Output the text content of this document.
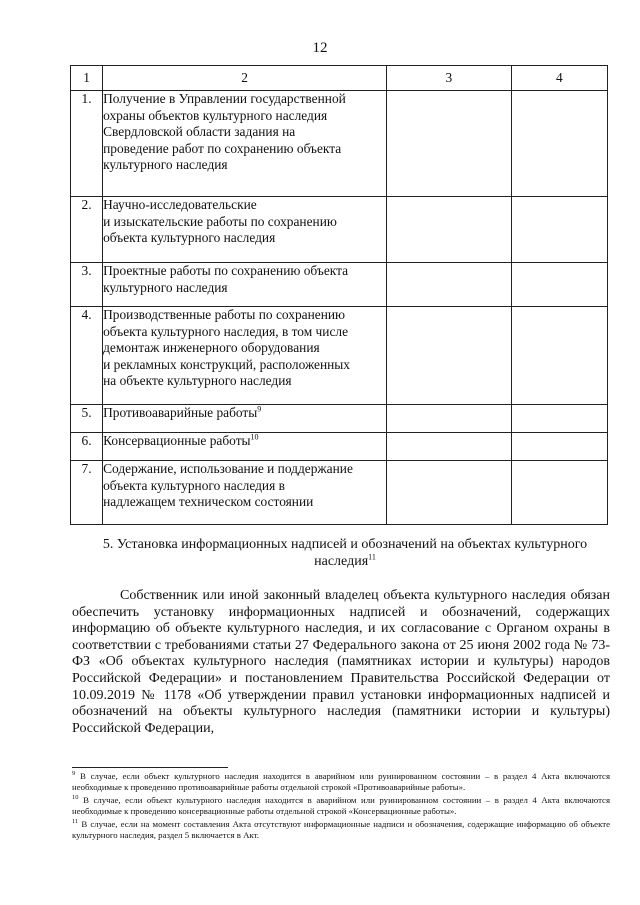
12
1	2	3	4
1.	Получение в Управлении государственной
охраны объектов культурного наследия
Свердловской области задания на
проведение работ по сохранению объекта
культурного наследия		

2.	Научно-исследовательские
и изыскательские работы по сохранению
объекта культурного наследия		

3.	Проектные работы по сохранению объекта
культурного наследия		

4.	Производственные работы по сохранению
объекта культурного наследия, в том числе
демонтаж инженерного оборудования
и рекламных конструкций, расположенных
на объекте культурного наследия		

5.	Противоаварийные работы$^9$		
6.	Консервационные работы$^{10}$		
7.	Содержание, использование и поддержание
объекта культурного наследия в
надлежащем техническом состоянии		

5. Установка информационных надписей и обозначений на объектах культурного
наследия$^{11}$
Собственник или иной законный владелец объекта культурного наследия обязан обеспечить установку информационных надписей и обозначений, содержащих информацию об объекте культурного наследия, и их согласование с Органом охраны в соответствии с требованиями статьи 27 Федерального закона от 25 июня 2002 года № 73-ФЗ «Об объектах культурного наследия (памятниках истории и культуры) народов Российской Федерации» и постановлением Правительства Российской Федерации от 10.09.2019 № 1178 «Об утверждении правил установки информационных надписей и обозначений на объекты культурного наследия (памятники истории и культуры) Российской Федерации,
$^9$ В случае, если объект культурного наследия находится в аварийном или руинированном состоянии – в раздел 4 Акта включаются необходимые к проведению противоаварийные работы отдельной строкой «Противоаварийные работы».
$^{10}$ В случае, если объект культурного наследия находится в аварийном или руинированном состоянии – в раздел 4 Акта включаются необходимые к проведению консервационные работы отдельной строкой «Консервационные работы».
$^{11}$ В случае, если на момент составления Акта отсутствуют информационные надписи и обозначения, содержащие информацию об объекте культурного наследия, раздел 5 включается в Акт.
